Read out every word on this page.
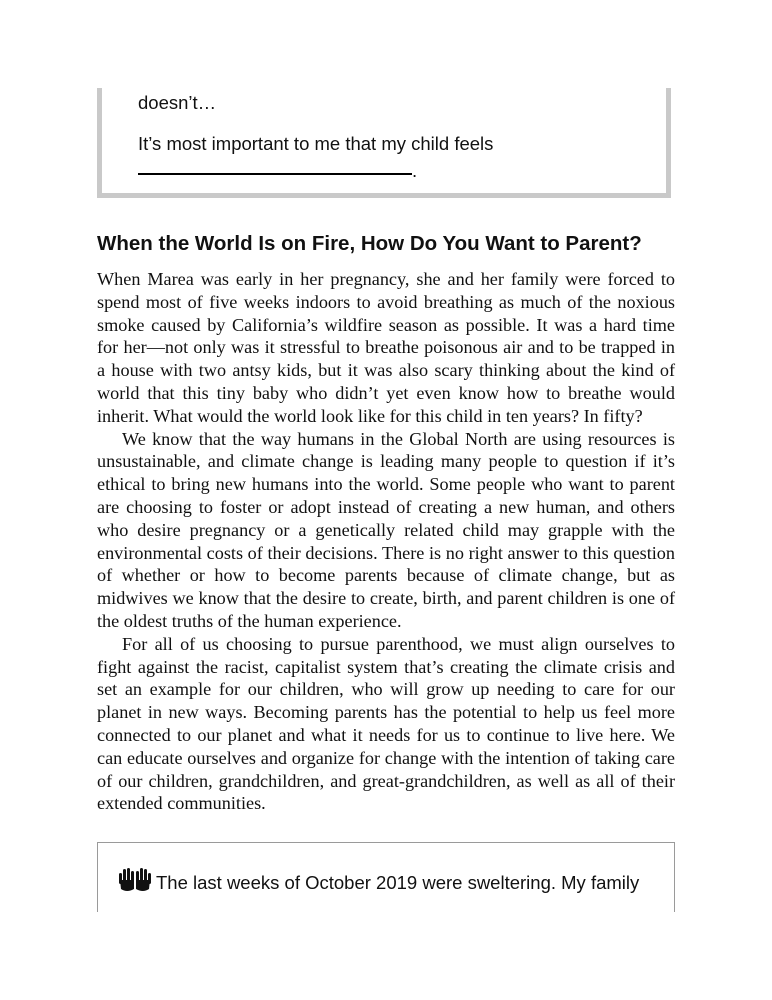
doesn’t…
It’s most important to me that my child feels
.
When the World Is on Fire, How Do You Want to Parent?

When Marea was early in her pregnancy, she and her family were forced to spend most of five weeks indoors to avoid breathing as much of the noxious smoke caused by California’s wildfire season as possible. It was a hard time for her—not only was it stressful to breathe poisonous air and to be trapped in a house with two antsy kids, but it was also scary thinking about the kind of world that this tiny baby who didn’t yet even know how to breathe would inherit. What would the world look like for this child in ten years? In fifty?

We know that the way humans in the Global North are using resources is unsustainable, and climate change is leading many people to question if it’s ethical to bring new humans into the world. Some people who want to parent are choosing to foster or adopt instead of creating a new human, and others who desire pregnancy or a genetically related child may grapple with the environmental costs of their decisions. There is no right answer to this question of whether or how to become parents because of climate change, but as midwives we know that the desire to create, birth, and parent children is one of the oldest truths of the human experience.

For all of us choosing to pursue parenthood, we must align ourselves to fight against the racist, capitalist system that’s creating the climate crisis and set an example for our children, who will grow up needing to care for our planet in new ways. Becoming parents has the potential to help us feel more connected to our planet and what it needs for us to continue to live here. We can educate ourselves and organize for change with the intention of taking care of our children, grandchildren, and great-grandchildren, as well as all of their extended communities.

The last weeks of October 2019 were sweltering. My family
